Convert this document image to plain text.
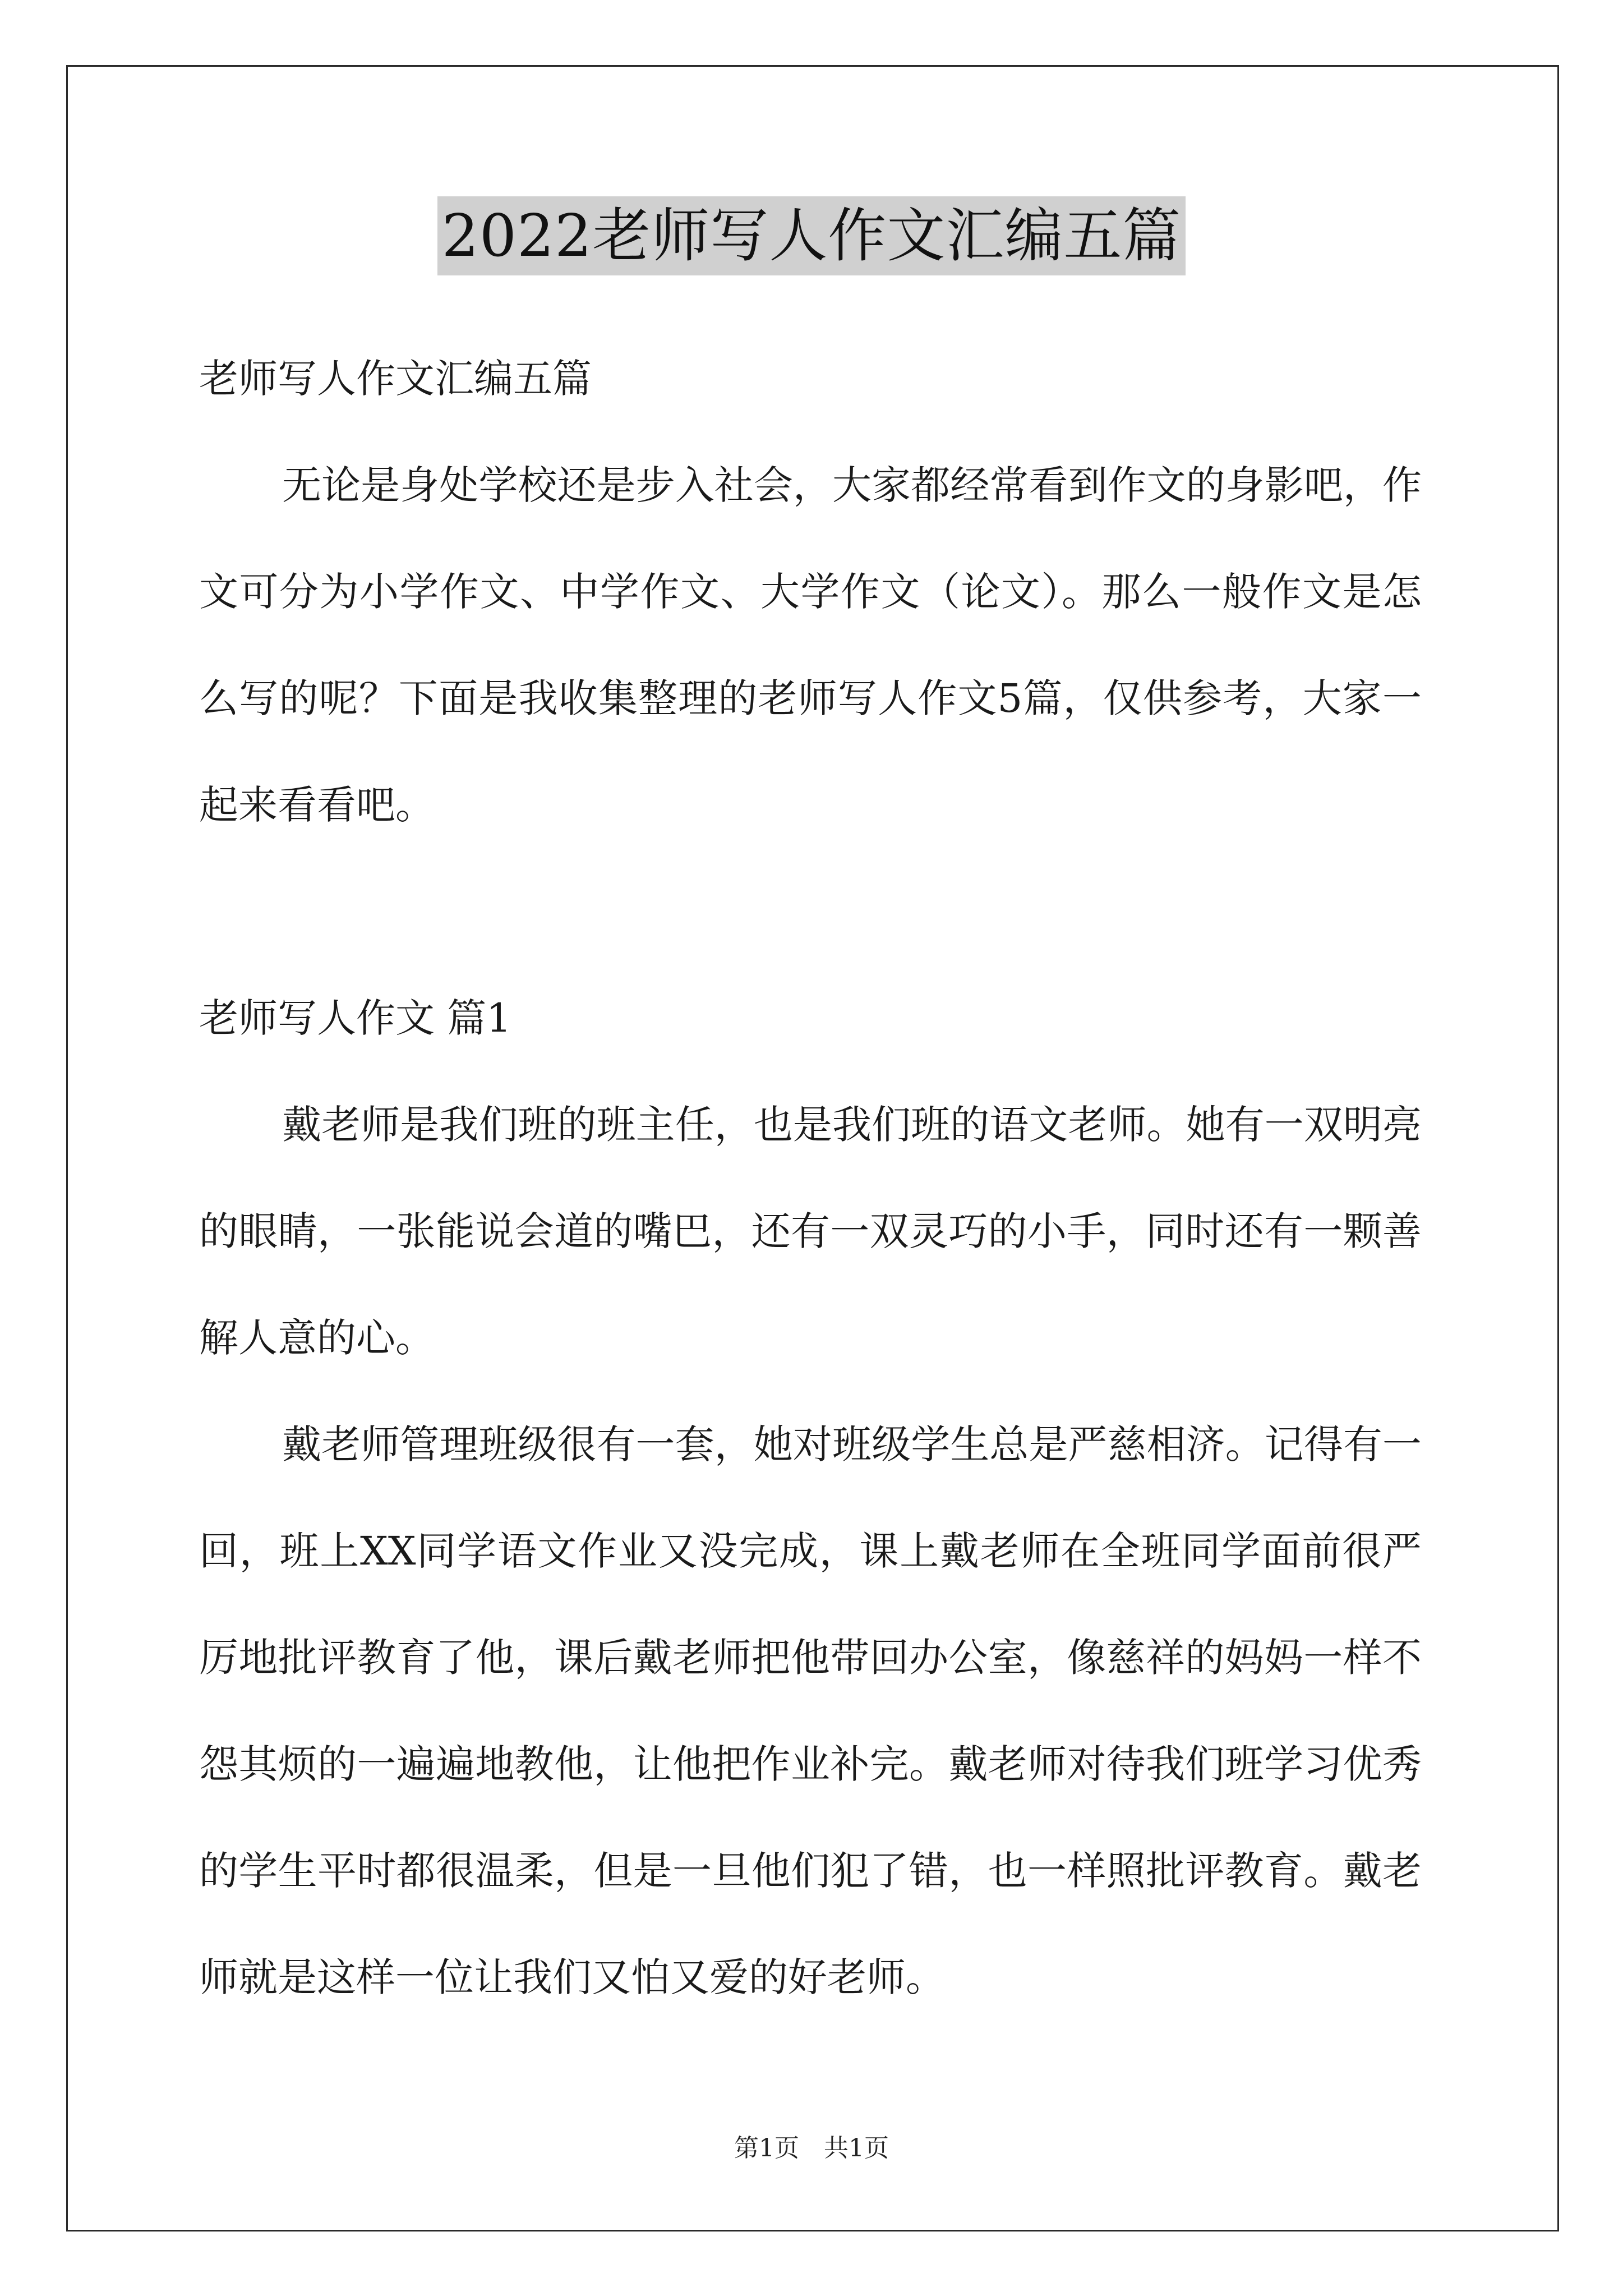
2022老师写人作文汇编五篇

老师写人作文汇编五篇

无论是身处学校还是步入社会，大家都经常看到作文的身影吧，作文可分为小学作文、中学作文、大学作文（论文）。那么一般作文是怎么写的呢？下面是我收集整理的老师写人作文5篇，仅供参考，大家一起来看看吧。

老师写人作文 篇1

戴老师是我们班的班主任，也是我们班的语文老师。她有一双明亮的眼睛，一张能说会道的嘴巴，还有一双灵巧的小手，同时还有一颗善解人意的心。

戴老师管理班级很有一套，她对班级学生总是严慈相济。记得有一回，班上XX同学语文作业又没完成，课上戴老师在全班同学面前很严厉地批评教育了他，课后戴老师把他带回办公室，像慈祥的妈妈一样不怨其烦的一遍遍地教他，让他把作业补完。戴老师对待我们班学习优秀的学生平时都很温柔，但是一旦他们犯了错，也一样照批评教育。戴老师就是这样一位让我们又怕又爱的好老师。

第1页　共1页
